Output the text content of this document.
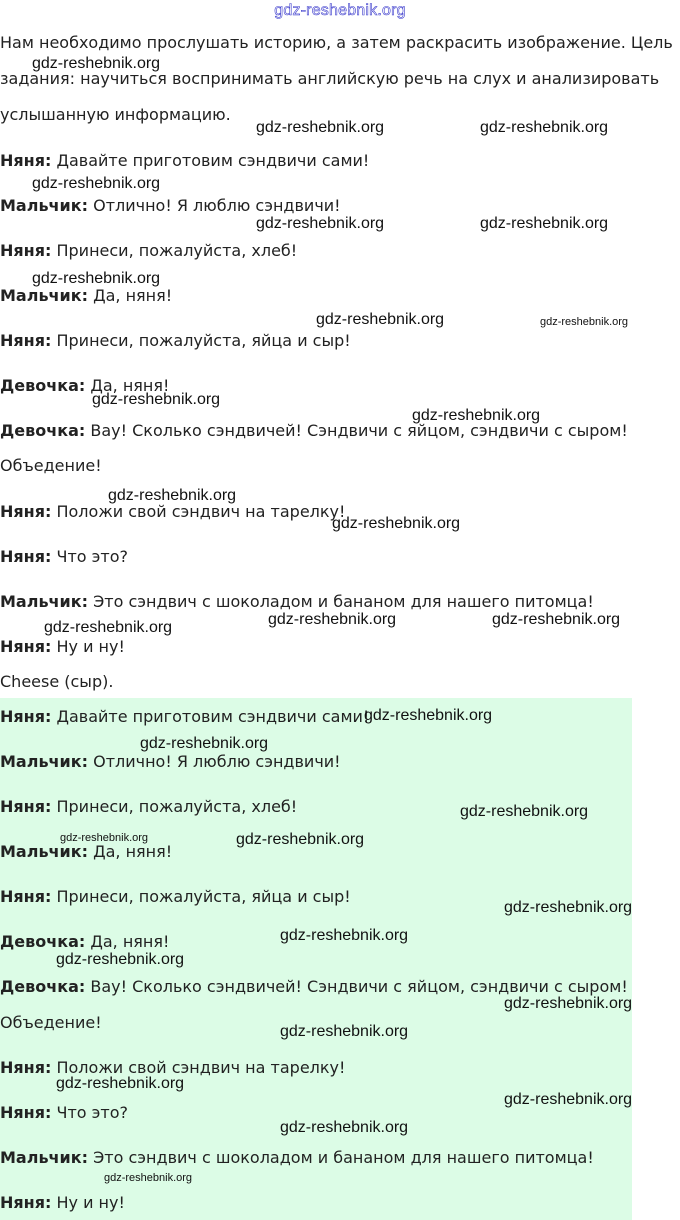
gdz-reshebnik.org
Нам необходимо прослушать историю, а затем раскрасить изображение. Цель
задания: научиться воспринимать английскую речь на слух и анализировать
услышанную информацию.
Няня: Давайте приготовим сэндвичи сами!
Мальчик: Отлично! Я люблю сэндвичи!
Няня: Принеси, пожалуйста, хлеб!
Мальчик: Да, няня!
Няня: Принеси, пожалуйста, яйца и сыр!
Девочка: Да, няня!
Девочка: Вау! Сколько сэндвичей! Сэндвичи с яйцом, сэндвичи с сыром!
Объедение!
Няня: Положи свой сэндвич на тарелку!
Няня: Что это?
Мальчик: Это сэндвич с шоколадом и бананом для нашего питомца!
Няня: Ну и ну!
Cheese (сыр).
Няня: Давайте приготовим сэндвичи сами!
Мальчик: Отлично! Я люблю сэндвичи!
Няня: Принеси, пожалуйста, хлеб!
Мальчик: Да, няня!
Няня: Принеси, пожалуйста, яйца и сыр!
Девочка: Да, няня!
Девочка: Вау! Сколько сэндвичей! Сэндвичи с яйцом, сэндвичи с сыром!
Объедение!
Няня: Положи свой сэндвич на тарелку!
Няня: Что это?
Мальчик: Это сэндвич с шоколадом и бананом для нашего питомца!
Няня: Ну и ну!
gdz-reshebnik.org
gdz-reshebnik.org	gdz-reshebnik.org
gdz-reshebnik.org
gdz-reshebnik.org	gdz-reshebnik.org
gdz-reshebnik.org
gdz-reshebnik.org	gdz-reshebnik.org
gdz-reshebnik.org
gdz-reshebnik.org
gdz-reshebnik.org
gdz-reshebnik.org
gdz-reshebnik.org	gdz-reshebnik.org	gdz-reshebnik.org
gdz-reshebnik.org
gdz-reshebnik.org
gdz-reshebnik.org
gdz-reshebnik.org	gdz-reshebnik.org
gdz-reshebnik.org
gdz-reshebnik.org
gdz-reshebnik.org
gdz-reshebnik.org
gdz-reshebnik.org
gdz-reshebnik.org
gdz-reshebnik.org
gdz-reshebnik.org
gdz-reshebnik.org
